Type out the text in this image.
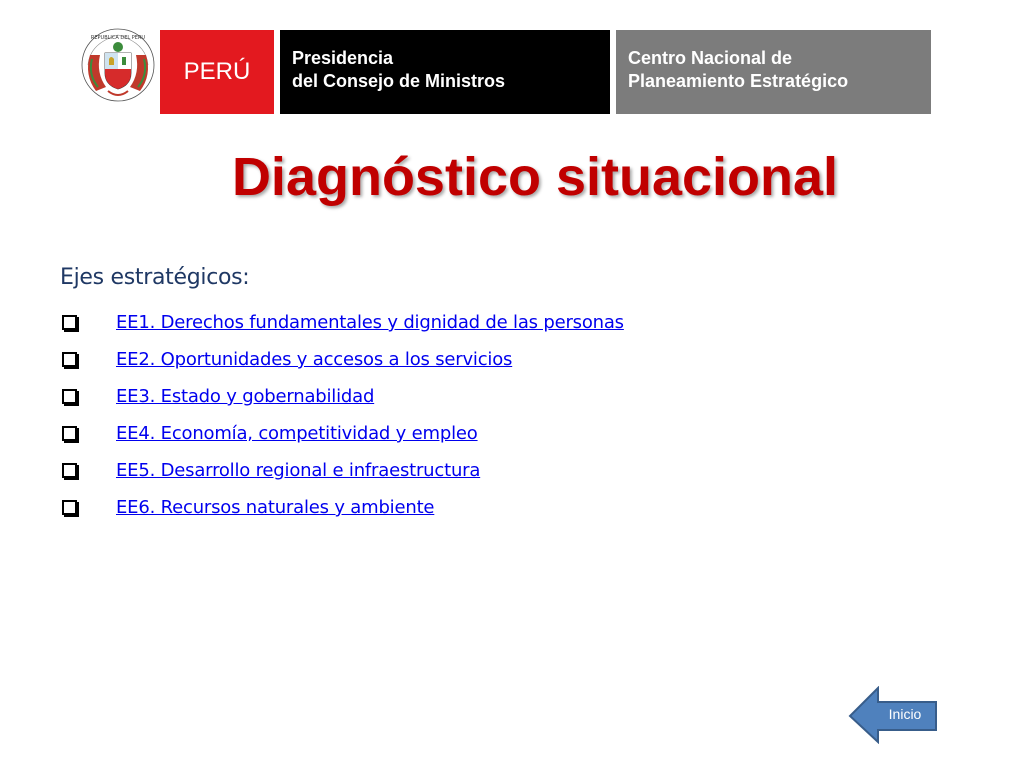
REPUBLICA DEL PERU
PERÚ Presidencia
del Consejo de Ministros
Centro Nacional de
Planeamiento Estratégico
Diagnóstico situacional
Ejes estratégicos:
EE1. Derechos fundamentales y dignidad de las personas
EE2. Oportunidades y accesos a los servicios
EE3. Estado y gobernabilidad
EE4. Economía, competitividad y empleo
EE5. Desarrollo regional e infraestructura
EE6. Recursos naturales y ambiente
Inicio
